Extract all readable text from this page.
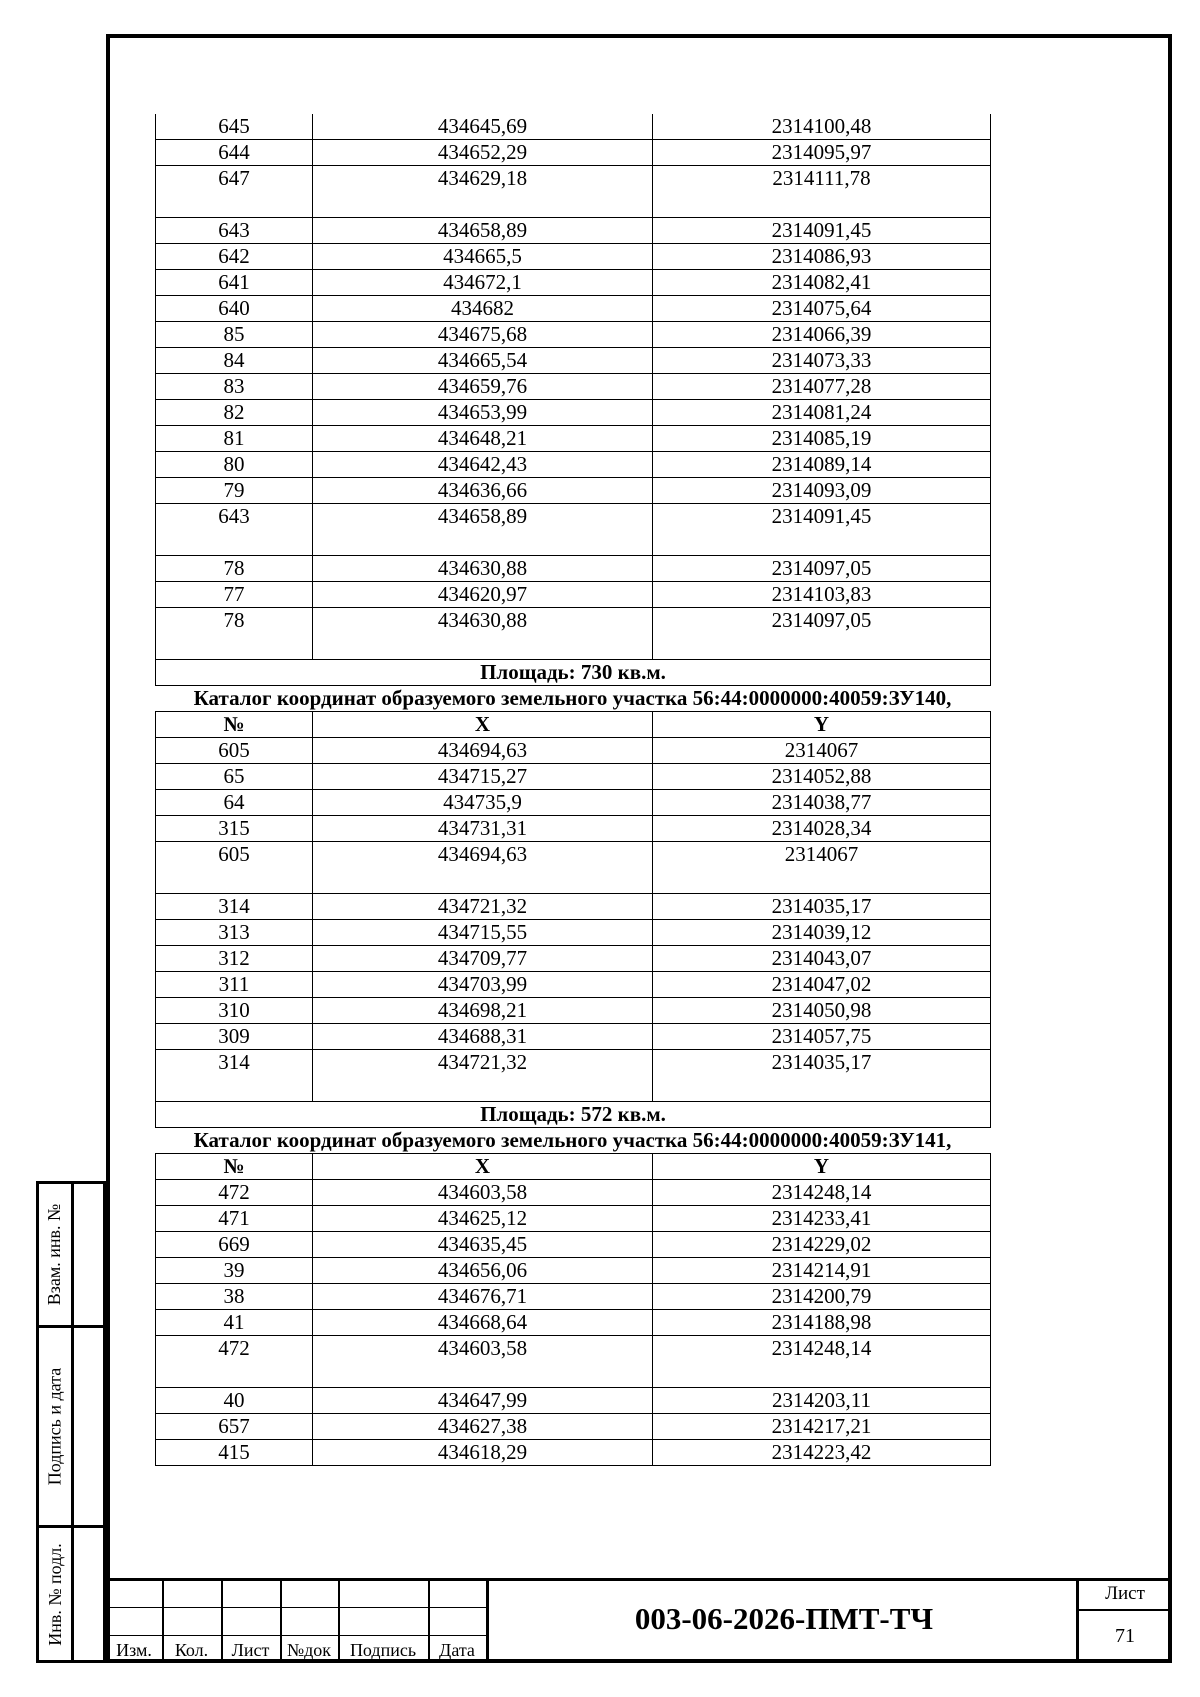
645	434645,69	2314100,48
644	434652,29	2314095,97
647	434629,18	2314111,78
643	434658,89	2314091,45
642	434665,5	2314086,93
641	434672,1	2314082,41
640	434682	2314075,64
85	434675,68	2314066,39
84	434665,54	2314073,33
83	434659,76	2314077,28
82	434653,99	2314081,24
81	434648,21	2314085,19
80	434642,43	2314089,14
79	434636,66	2314093,09
643	434658,89	2314091,45
78	434630,88	2314097,05
77	434620,97	2314103,83
78	434630,88	2314097,05
Площадь: 730 кв.м.		

Каталог координат образуемого земельного участка 56:44:0000000:40059:ЗУ140,

№	X	Y
605	434694,63	2314067
65	434715,27	2314052,88
64	434735,9	2314038,77
315	434731,31	2314028,34
605	434694,63	2314067
314	434721,32	2314035,17
313	434715,55	2314039,12
312	434709,77	2314043,07
311	434703,99	2314047,02
310	434698,21	2314050,98
309	434688,31	2314057,75
314	434721,32	2314035,17
Площадь: 572 кв.м.		

Каталог координат образуемого земельного участка 56:44:0000000:40059:ЗУ141,

№	X	Y
472	434603,58	2314248,14
471	434625,12	2314233,41
669	434635,45	2314229,02
39	434656,06	2314214,91
38	434676,71	2314200,79
41	434668,64	2314188,98
472	434603,58	2314248,14
40	434647,99	2314203,11
657	434627,38	2314217,21
415	434618,29	2314223,42
Взам. инв. №
Подпись и дата
Инв. № подл.
Изм.	Кол.	Лист №док	Подпись	Дата
003-06-2026-ПМТ-ТЧ
Лист
71
